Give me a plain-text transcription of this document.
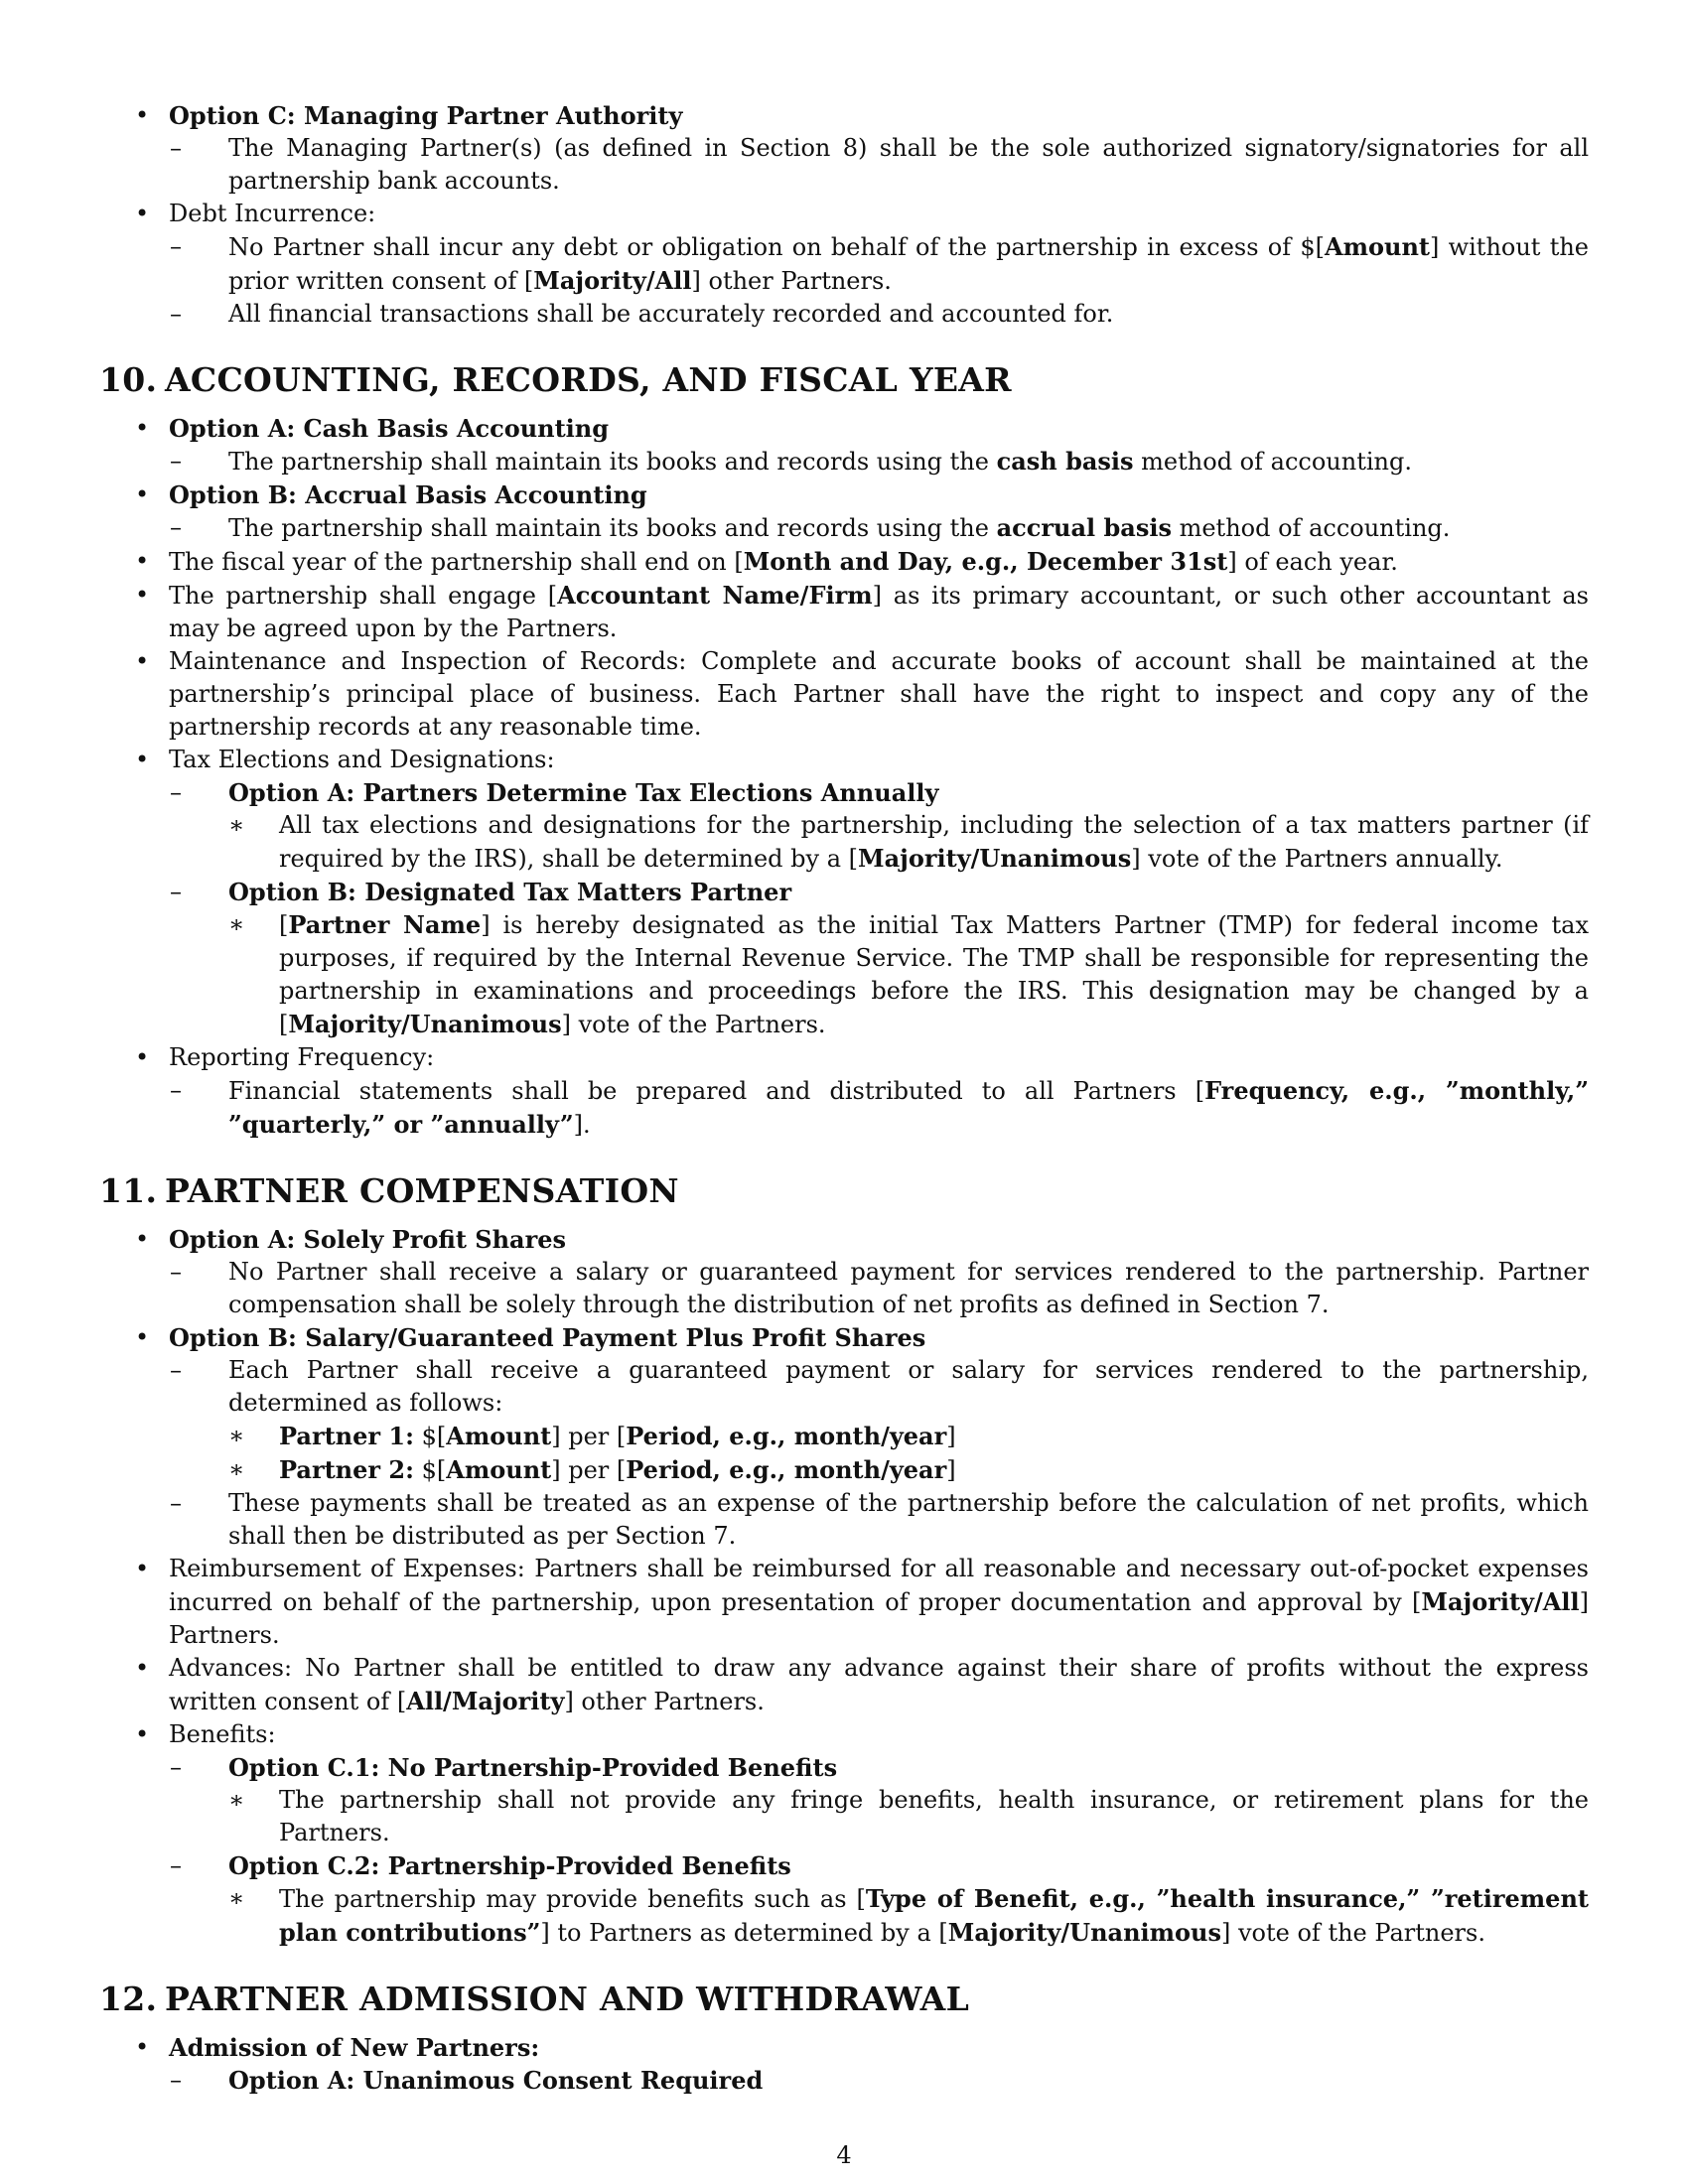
• Option C: Managing Partner Authority
– The Managing Partner(s) (as defined in Section 8) shall be the sole authorized signatory/signatories for all partnership bank accounts.
• Debt Incurrence:
– No Partner shall incur any debt or obligation on behalf of the partnership in excess of $[Amount] without the prior written consent of [Majority/All] other Partners.
– All financial transactions shall be accurately recorded and accounted for.
10. ACCOUNTING, RECORDS, AND FISCAL YEAR
• Option A: Cash Basis Accounting
– The partnership shall maintain its books and records using the cash basis method of accounting.
• Option B: Accrual Basis Accounting
– The partnership shall maintain its books and records using the accrual basis method of accounting.
• The fiscal year of the partnership shall end on [Month and Day, e.g., December 31st] of each year.
• The partnership shall engage [Accountant Name/Firm] as its primary accountant, or such other accountant as may be agreed upon by the Partners.
• Maintenance and Inspection of Records: Complete and accurate books of account shall be maintained at the partnership’s principal place of business. Each Partner shall have the right to inspect and copy any of the partnership records at any reasonable time.
• Tax Elections and Designations:
– Option A: Partners Determine Tax Elections Annually
∗ All tax elections and designations for the partnership, including the selection of a tax matters partner (if required by the IRS), shall be determined by a [Majority/Unanimous] vote of the Partners annually.
– Option B: Designated Tax Matters Partner
∗ [Partner Name] is hereby designated as the initial Tax Matters Partner (TMP) for federal income tax purposes, if required by the Internal Revenue Service. The TMP shall be responsible for representing the partnership in examinations and proceedings before the IRS. This designation may be changed by a [Majority/Unanimous] vote of the Partners.
• Reporting Frequency:
– Financial statements shall be prepared and distributed to all Partners [Frequency, e.g., ”monthly,” ”quarterly,” or ”annually”].
11. PARTNER COMPENSATION
• Option A: Solely Profit Shares
– No Partner shall receive a salary or guaranteed payment for services rendered to the partnership. Partner compensation shall be solely through the distribution of net profits as defined in Section 7.
• Option B: Salary/Guaranteed Payment Plus Profit Shares
– Each Partner shall receive a guaranteed payment or salary for services rendered to the partnership, determined as follows:
∗ Partner 1: $[Amount] per [Period, e.g., month/year]
∗ Partner 2: $[Amount] per [Period, e.g., month/year]
– These payments shall be treated as an expense of the partnership before the calculation of net profits, which shall then be distributed as per Section 7.
• Reimbursement of Expenses: Partners shall be reimbursed for all reasonable and necessary out-of-pocket expenses incurred on behalf of the partnership, upon presentation of proper documentation and approval by [Majority/All] Partners.
• Advances: No Partner shall be entitled to draw any advance against their share of profits without the express written consent of [All/Majority] other Partners.
• Benefits:
– Option C.1: No Partnership-Provided Benefits
∗ The partnership shall not provide any fringe benefits, health insurance, or retirement plans for the Partners.
– Option C.2: Partnership-Provided Benefits
∗ The partnership may provide benefits such as [Type of Benefit, e.g., ”health insurance,” ”retirement plan contributions”] to Partners as determined by a [Majority/Unanimous] vote of the Partners.
12. PARTNER ADMISSION AND WITHDRAWAL
• Admission of New Partners:
– Option A: Unanimous Consent Required
4
